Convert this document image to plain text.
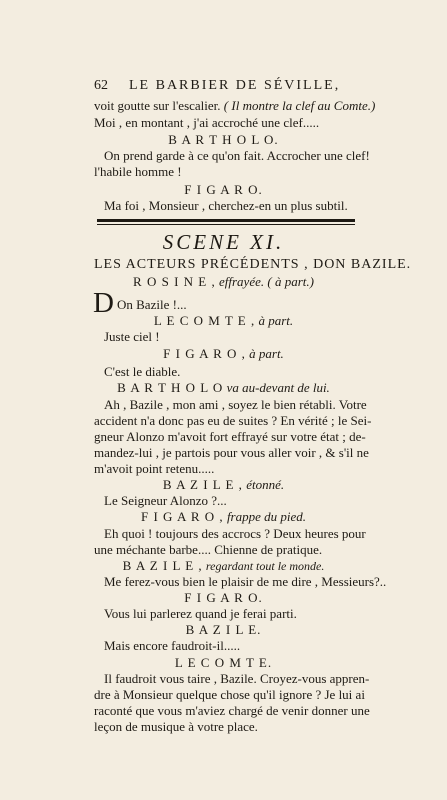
62 LE BARBIER DE SÉVILLE,
voit goutte sur l'escalier. ( Il montre la clef au Comte.)
Moi , en montant , j'ai accroché une clef.....
B A R T H O L O.
On prend garde à ce qu'on fait. Accrocher une clef!
l'habile homme !
F I G A R O.
Ma foi , Monsieur , cherchez-en un plus subtil.
SCENE XI.
LES ACTEURS PRÉCÉDENTS , DON BAZILE.
R O S I N E , effrayée. ( à part.)
D On Bazile !...
L E C O M T E , à part.
Juste ciel !
F I G A R O , à part.
C'est le diable.
B A R T H O L O va au-devant de lui.
Ah , Bazile , mon ami , soyez le bien rétabli. Votre
accident n'a donc pas eu de suites ? En vérité ; le Sei-
gneur Alonzo m'avoit fort effrayé sur votre état ; de-
mandez-lui , je partois pour vous aller voir , & s'il ne
m'avoit point retenu.....
B A Z I L E , étonné.
Le Seigneur Alonzo ?...
F I G A R O , frappe du pied.
Eh quoi ! toujours des accrocs ? Deux heures pour
une méchante barbe.... Chienne de pratique.
B A Z I L E , regardant tout le monde.
Me ferez-vous bien le plaisir de me dire , Messieurs?..
F I G A R O.
Vous lui parlerez quand je ferai parti.
B A Z I L E.
Mais encore faudroit-il.....
L E C O M T E.
Il faudroit vous taire , Bazile. Croyez-vous appren-
dre à Monsieur quelque chose qu'il ignore ? Je lui ai
raconté que vous m'aviez chargé de venir donner une
leçon de musique à votre place.
